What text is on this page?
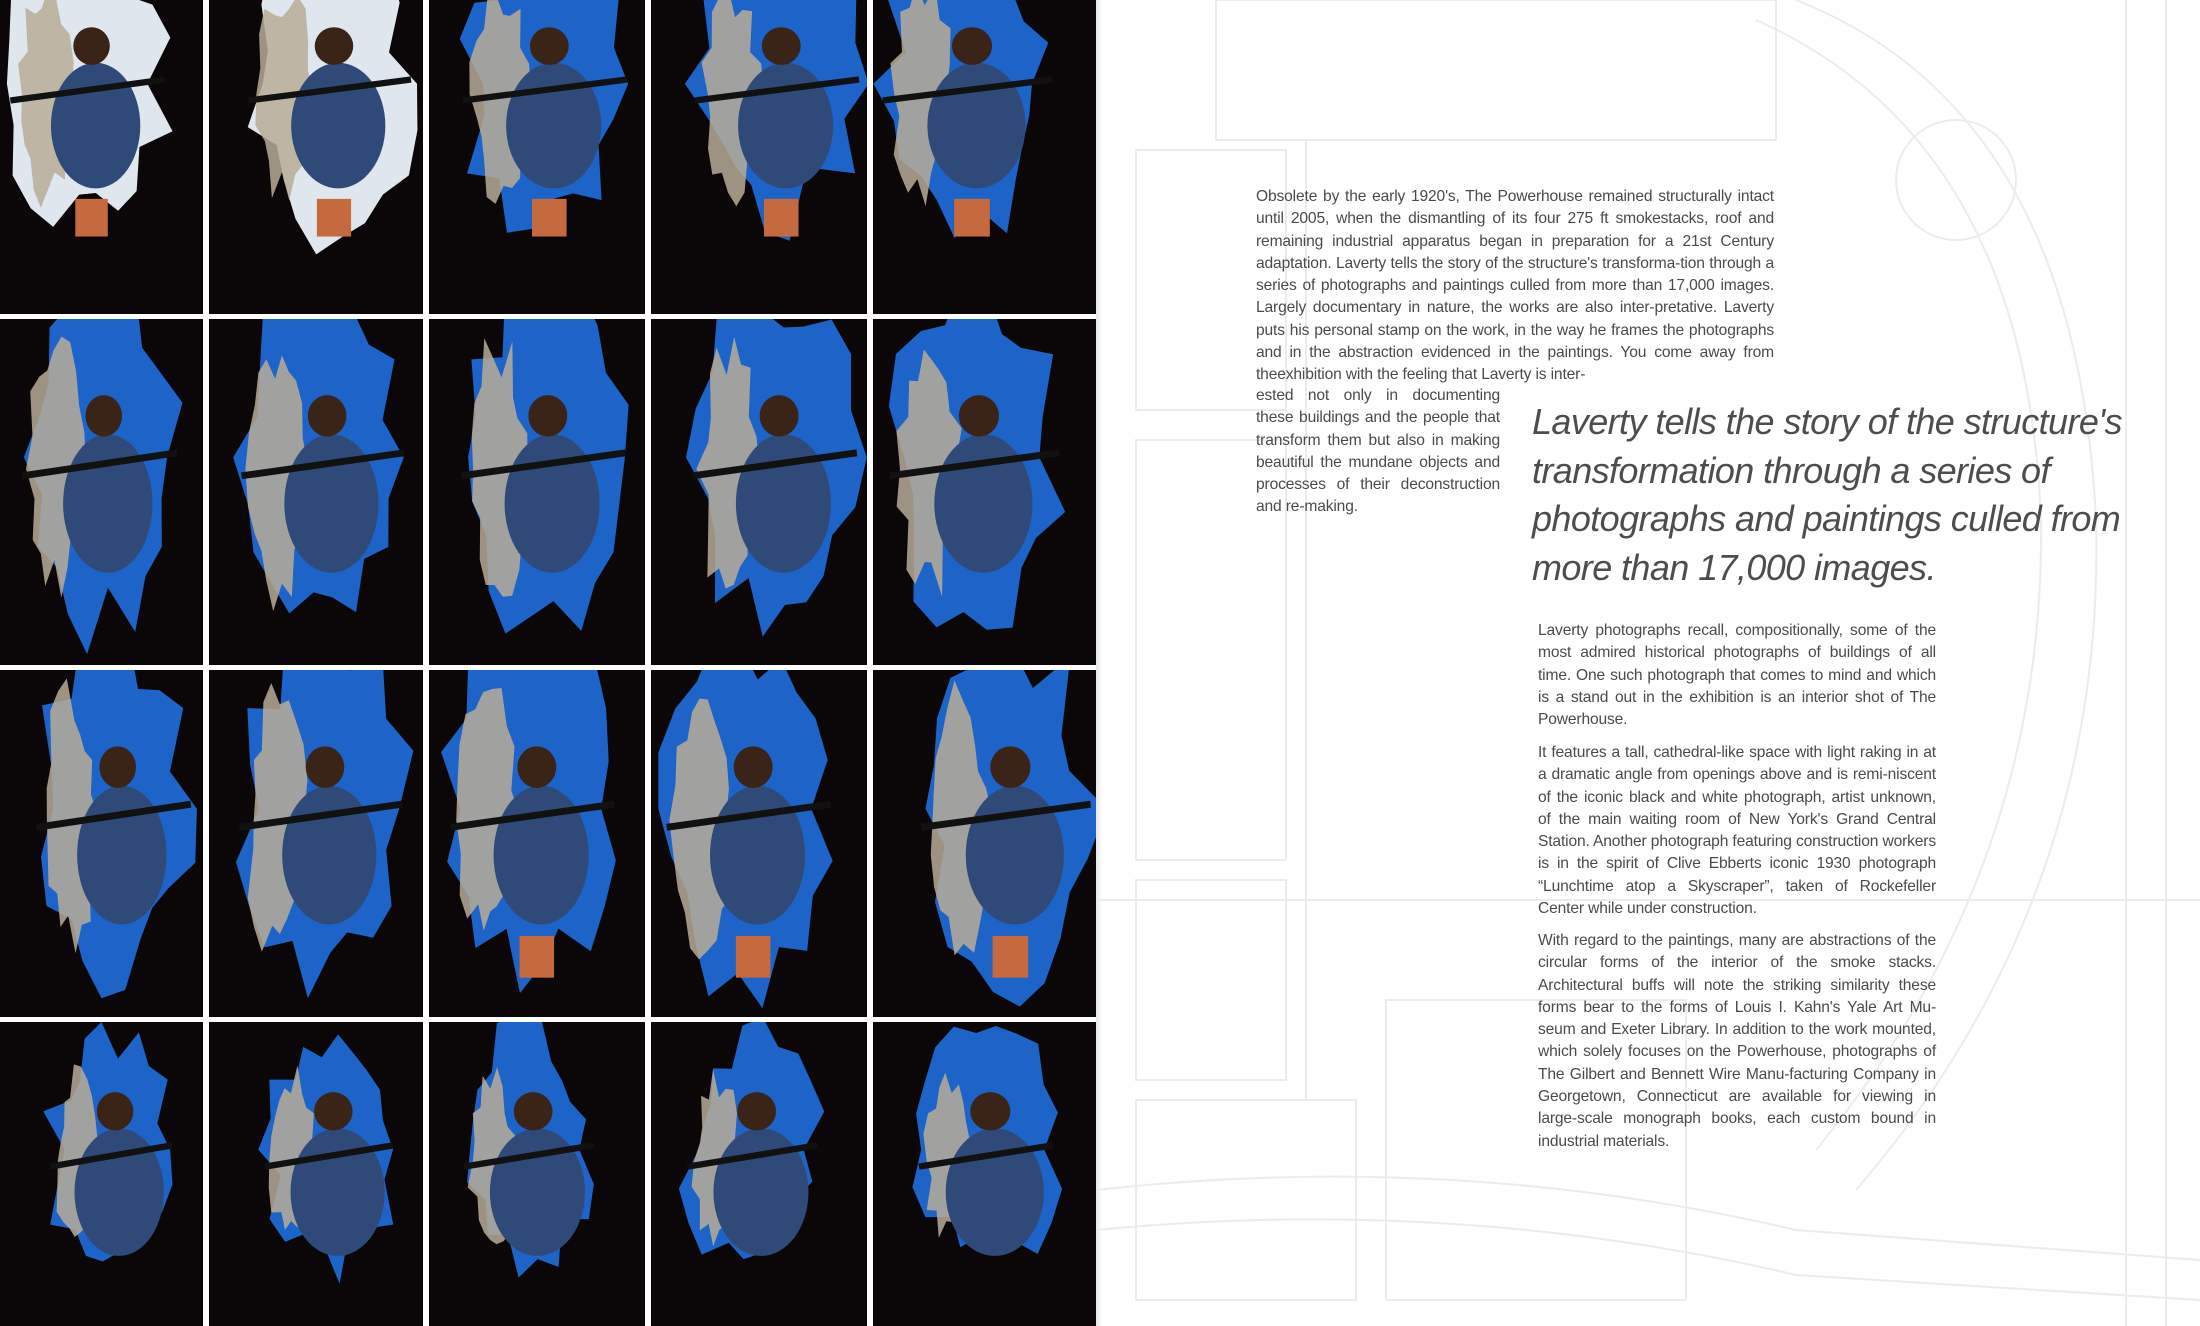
Obsolete by the early 1920's, The Powerhouse remained structurally intact until 2005, when the dismantling of its four 275 ft smokestacks, roof and remaining industrial apparatus began in preparation for a 21st Century adaptation. Laverty tells the story of the structure's transforma-tion through a series of photographs and paintings culled from more than 17,000 images. Largely documentary in nature, the works are also inter-pretative. Laverty puts his personal stamp on the work, in the way he frames the photographs and in the abstraction evidenced in the paintings. You come away from theexhibition with the feeling that Laverty is inter-

ested not only in documenting these buildings and the people that transform them but also in making beautiful the mundane objects and processes of their deconstruction and re-making.

Laverty tells the story of the structure's transformation through a series of photographs and paintings culled from more than 17,000 images.

Laverty photographs recall, compositionally, some of the most admired historical photographs of buildings of all time. One such photograph that comes to mind and which is a stand out in the exhibition is an interior shot of The Powerhouse.

It features a tall, cathedral-like space with light raking in at a dramatic angle from openings above and is remi-niscent of the iconic black and white photograph, artist unknown, of the main waiting room of New York's Grand Central Station. Another photograph featuring construction workers is in the spirit of Clive Ebberts iconic 1930 photograph “Lunchtime atop a Skyscraper”, taken of Rockefeller Center while under construction.

With regard to the paintings, many are abstractions of the circular forms of the interior of the smoke stacks. Architectural buffs will note the striking similarity these forms bear to the forms of Louis I. Kahn's Yale Art Mu-seum and Exeter Library. In addition to the work mounted, which solely focuses on the Powerhouse, photographs of The Gilbert and Bennett Wire Manu-facturing Company in Georgetown, Connecticut are available for viewing in large-scale monograph books, each custom bound in industrial materials.
